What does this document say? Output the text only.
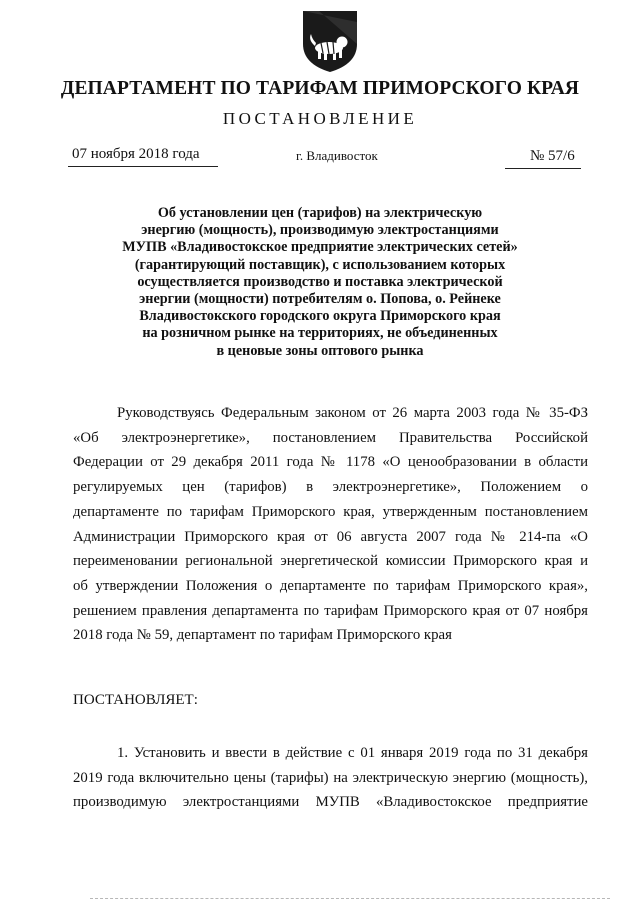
ДЕПАРТАМЕНТ ПО ТАРИФАМ ПРИМОРСКОГО КРАЯ
ПОСТАНОВЛЕНИЕ
07 ноября 2018 года	г. Владивосток	№ 57/6
Об установлении цен (тарифов) на электрическую
энергию (мощность), производимую электростанциями
МУПВ «Владивостокское предприятие электрических сетей»
(гарантирующий поставщик), с использованием которых
осуществляется производство и поставка электрической
энергии (мощности) потребителям о. Попова, о. Рейнеке
Владивостокского городского округа Приморского края
на розничном рынке на территориях, не объединенных
в ценовые зоны оптового рынка
Руководствуясь Федеральным законом от 26 марта 2003 года № 35-ФЗ
«Об электроэнергетике», постановлением Правительства Российской
Федерации от 29 декабря 2011 года № 1178 «О ценообразовании в области
регулируемых цен (тарифов) в электроэнергетике», Положением о
департаменте по тарифам Приморского края, утвержденным постановлением
Администрации Приморского края от 06 августа 2007 года № 214-па «О
переименовании региональной энергетической комиссии Приморского края и
об утверждении Положения о департаменте по тарифам Приморского края»,
решением правления департамента по тарифам Приморского края от 07 ноября
2018 года № 59, департамент по тарифам Приморского края
ПОСТАНОВЛЯЕТ:
1. Установить и ввести в действие с 01 января 2019 года по 31 декабря
2019 года включительно цены (тарифы) на электрическую энергию (мощность),
производимую электростанциями МУПВ «Владивостокское предприятие
